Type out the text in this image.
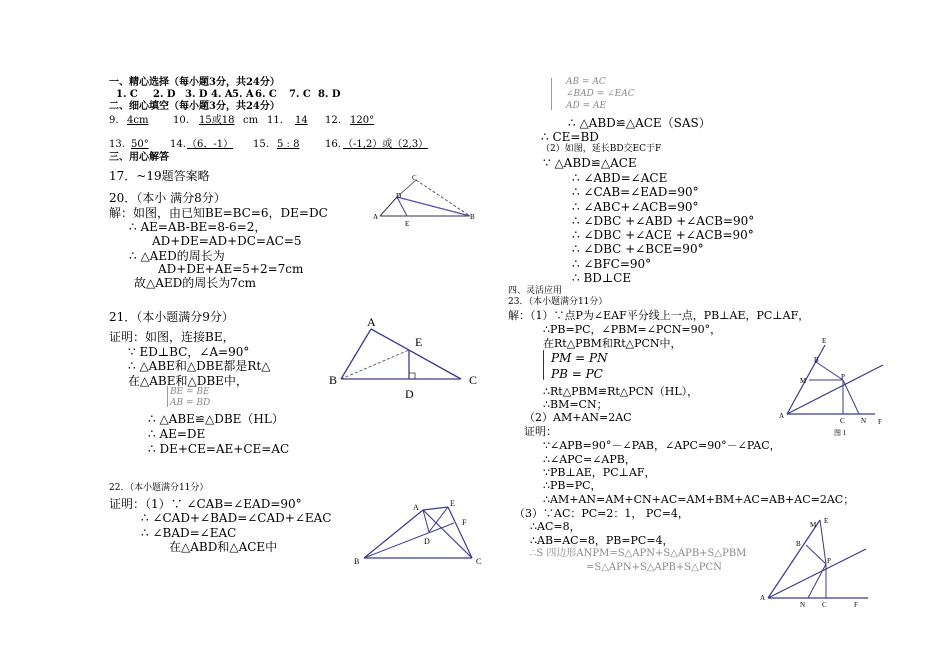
一、精心选择（每小题3分，共24分）
1. C 2. D 3. D 4. A 5. A 6. C 7. C 8. D
二、细心填空（每小题3分，共24分）
9. 4cm 10. 15或18 cm 11. 14 12. 120°
13. 50° 14. （6，-1） 15. 5 : 8	16. （-1,2）或（2,3）
三、用心解答
17．~19题答案略
20．（本小 满分8分）
解：如图，由已知BE=BC=6，DE=DC
∴ AE=AB-BE=8-6=2，
AD+DE=AD+DC=AC=5
∴ △AED的周长为
AD+DE+AE=5+2=7cm
故△AED的周长为7cm
C
D
A
E
B
21．（本小题满分9分）
证明：如图，连接BE，
∵ ED⊥BC，∠A=90°
∴ △ABE和△DBE都是Rt△
在△ABE和△DBE中，
BE = BE
AB = BD
∴ △ABE≌△DBE（HL）
∴ AE=DE
∴ DE+CE=AE+CE=AC
A
E
B	C
D
22．（本小题满分11分）
证明：（1）∵ ∠CAB=∠EAD=90°
∴ ∠CAD+∠BAD=∠CAD+∠EAC
∴ ∠BAD=∠EAC
在△ABD和△ACE中
A	E
F
D
B	C
AB = AC
∠BAD = ∠EAC
AD = AE
∴ △ABD≌△ACE（SAS）
∴ CE=BD
（2）如图，延长BD交EC于F
∵ △ABD≌△ACE
∴ ∠ABD=∠ACE
∴ ∠CAB=∠EAD=90°
∴ ∠ABC+∠ACB=90°
∴ ∠DBC +∠ABD +∠ACB=90°
∴ ∠DBC +∠ACE +∠ACB=90°
∴ ∠DBC +∠BCE=90°
∴ ∠BFC=90°
∴ BD⊥CE
四、灵活应用
23．（本小题满分11分）
解：（1）∵点P为∠EAF平分线上一点，PB⊥AE，PC⊥AF，
∴PB=PC，∠PBM=∠PCN=90°，
在Rt△PBM和Rt△PCN中，
PM = PN
PB = PC
∴Rt△PBM≌Rt△PCN（HL），
∴BM=CN；
（2）AM+AN=2AC
证明：
∵∠APB=90°－∠PAB，∠APC=90°－∠PAC，
∴∠APC=∠APB，
∵PB⊥AE，PC⊥AF，
∴PB=PC，
∴AM+AN=AM+CN+AC=AM+BM+AC=AB+AC=2AC；
（3）∵AC：PC=2：1， PC=4，
∴AC=8，
∴AB=AC=8，PB=PC=4，
∴S 四边形ANPM=S△APN+S△APB+S△PBM
=S△APN+S△APB+S△PCN
E
B
M	P
A
C N F
图 1
M E
B
P
A
N C	F
